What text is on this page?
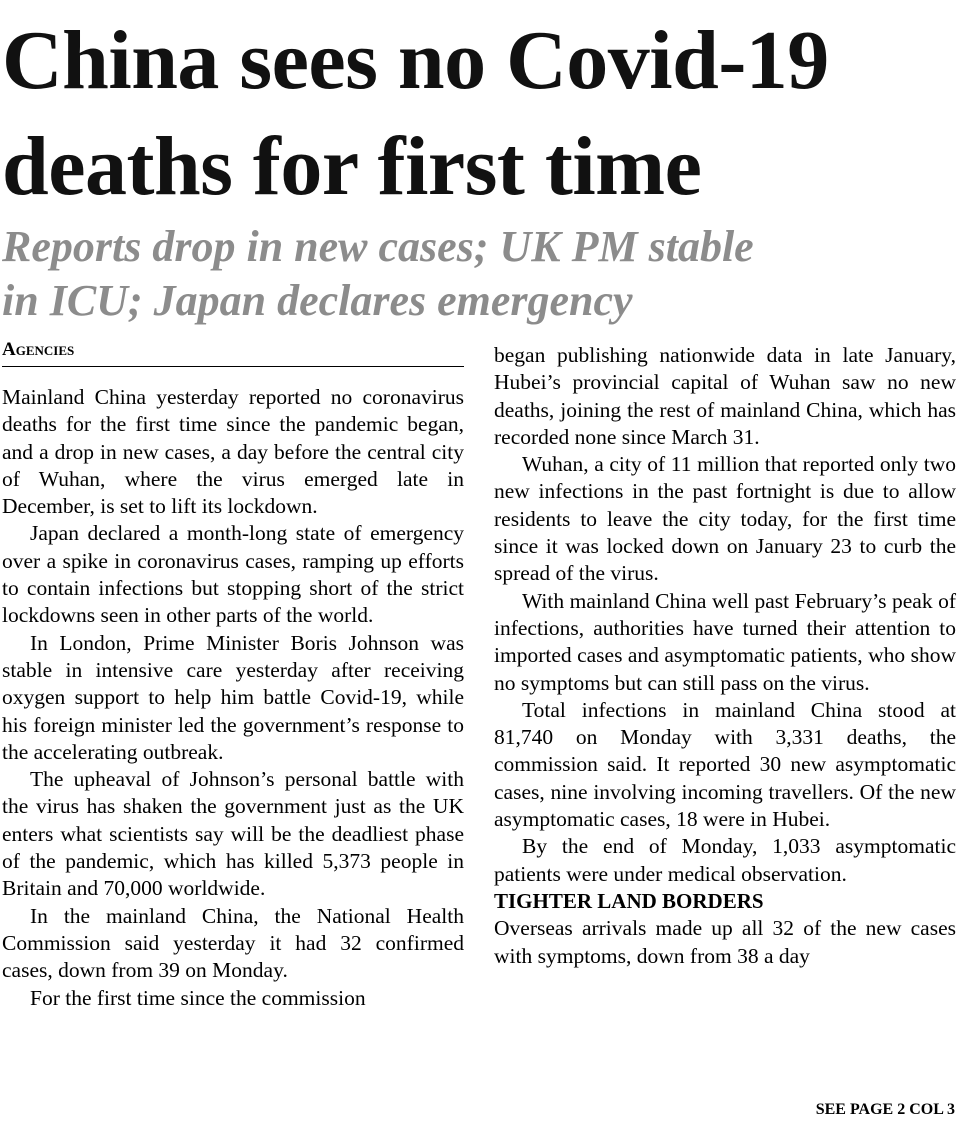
China sees no Covid-19
deaths for first time
Reports drop in new cases; UK PM stable
in ICU; Japan declares emergency
Agencies

Mainland China yesterday reported no coronavirus deaths for the first time since the pandemic began, and a drop in new cases, a day before the central city of Wuhan, where the virus emerged late in December, is set to lift its lockdown.

Japan declared a month-long state of emergency over a spike in coronavirus cases, ramping up efforts to contain infections but stopping short of the strict lockdowns seen in other parts of the world.

In London, Prime Minister Boris Johnson was stable in intensive care yesterday after receiving oxygen support to help him battle Covid-19, while his foreign minister led the government’s response to the accelerating outbreak.

The upheaval of Johnson’s personal battle with the virus has shaken the government just as the UK enters what scientists say will be the deadliest phase of the pandemic, which has killed 5,373 people in Britain and 70,000 worldwide.

In the mainland China, the National Health Commission said yesterday it had 32 confirmed cases, down from 39 on Monday.

For the first time since the commission

began publishing nationwide data in late January, Hubei’s provincial capital of Wuhan saw no new deaths, joining the rest of mainland China, which has recorded none since March 31.

Wuhan, a city of 11 million that reported only two new infections in the past fortnight is due to allow residents to leave the city today, for the first time since it was locked down on January 23 to curb the spread of the virus.

With mainland China well past February’s peak of infections, authorities have turned their attention to imported cases and asymptomatic patients, who show no symptoms but can still pass on the virus.

Total infections in mainland China stood at 81,740 on Monday with 3,331 deaths, the commission said. It reported 30 new asymptomatic cases, nine involving incoming travellers. Of the new asymptomatic cases, 18 were in Hubei.

By the end of Monday, 1,033 asymptomatic patients were under medical observation.

TIGHTER LAND BORDERS

Overseas arrivals made up all 32 of the new cases with symptoms, down from 38 a day

SEE PAGE 2 COL 3
